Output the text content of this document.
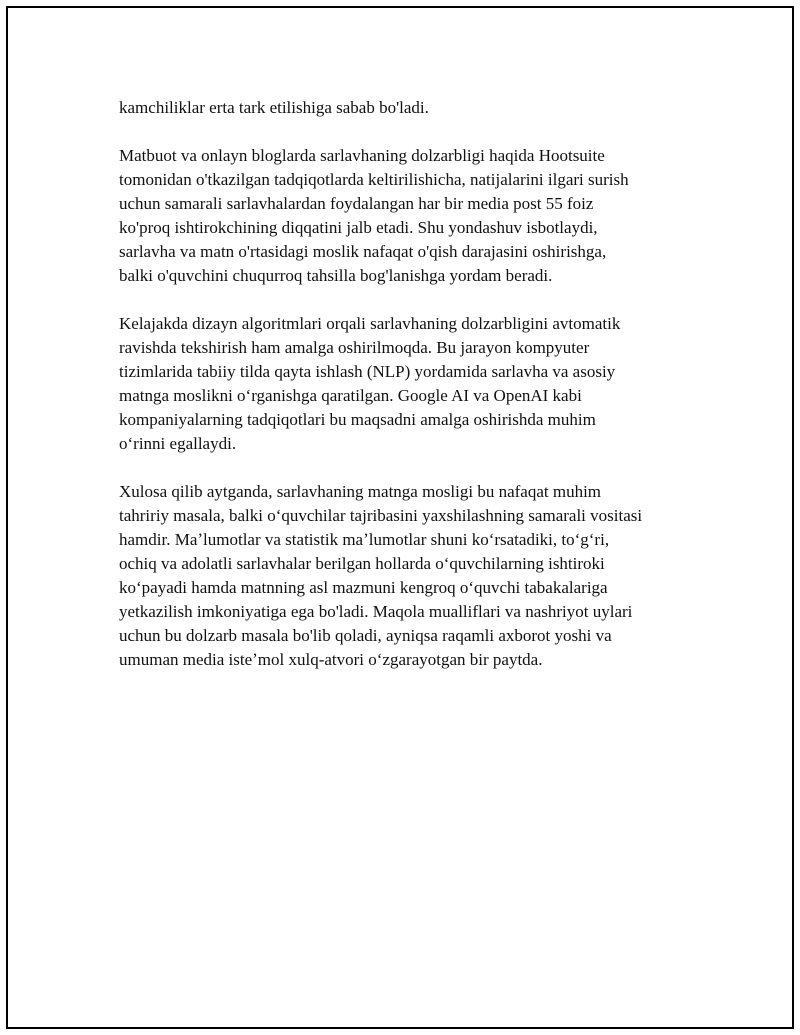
kamchiliklar erta tark etilishiga sabab bo'ladi.

Matbuot va onlayn bloglarda sarlavhaning dolzarbligi haqida Hootsuite
tomonidan o'tkazilgan tadqiqotlarda keltirilishicha, natijalarini ilgari surish
uchun samarali sarlavhalardan foydalangan har bir media post 55 foiz
ko'proq ishtirokchining diqqatini jalb etadi. Shu yondashuv isbotlaydi,
sarlavha va matn o'rtasidagi moslik nafaqat o'qish darajasini oshirishga,
balki o'quvchini chuqurroq tahsilla bog'lanishga yordam beradi.

Kelajakda dizayn algoritmlari orqali sarlavhaning dolzarbligini avtomatik
ravishda tekshirish ham amalga oshirilmoqda. Bu jarayon kompyuter
tizimlarida tabiiy tilda qayta ishlash (NLP) yordamida sarlavha va asosiy
matnga moslikni oʻrganishga qaratilgan. Google AI va OpenAI kabi
kompaniyalarning tadqiqotlari bu maqsadni amalga oshirishda muhim
oʻrinni egallaydi.

Xulosa qilib aytganda, sarlavhaning matnga mosligi bu nafaqat muhim
tahririy masala, balki oʻquvchilar tajribasini yaxshilashning samarali vositasi
hamdir. Maʼlumotlar va statistik maʼlumotlar shuni koʻrsatadiki, toʻgʻri,
ochiq va adolatli sarlavhalar berilgan hollarda oʻquvchilarning ishtiroki
koʻpayadi hamda matnning asl mazmuni kengroq oʻquvchi tabakalariga
yetkazilish imkoniyatiga ega bo'ladi. Maqola mualliflari va nashriyot uylari
uchun bu dolzarb masala bo'lib qoladi, ayniqsa raqamli axborot yoshi va
umuman media isteʼmol xulq-atvori oʻzgarayotgan bir paytda.
